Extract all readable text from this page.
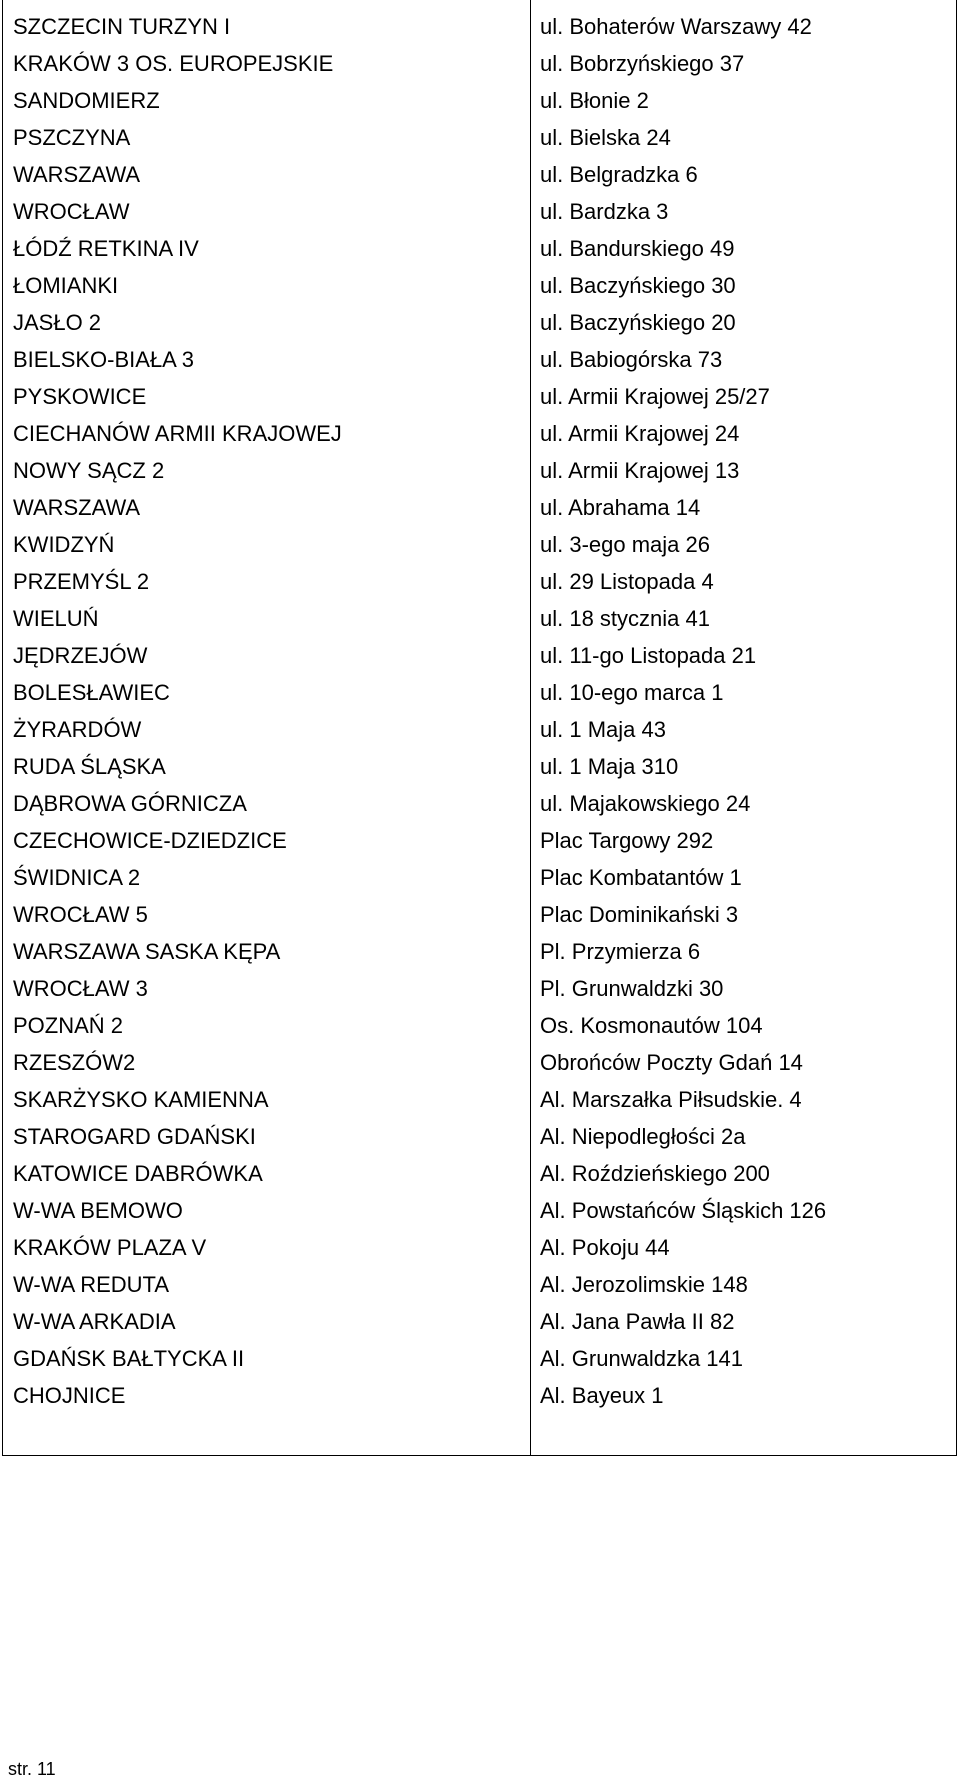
SZCZECIN TURZYN I	ul. Bohaterów Warszawy 42
KRAKÓW 3 OS. EUROPEJSKIE	ul. Bobrzyńskiego 37
SANDOMIERZ	ul. Błonie 2
PSZCZYNA	ul. Bielska 24
WARSZAWA	ul. Belgradzka 6
WROCŁAW	ul. Bardzka 3
ŁÓDŹ RETKINA IV	ul. Bandurskiego 49
ŁOMIANKI	ul. Baczyńskiego 30
JASŁO 2	ul. Baczyńskiego 20
BIELSKO-BIAŁA 3	ul. Babiogórska 73
PYSKOWICE	ul. Armii Krajowej 25/27
CIECHANÓW ARMII KRAJOWEJ	ul. Armii Krajowej 24
NOWY SĄCZ 2	ul. Armii Krajowej 13
WARSZAWA	ul. Abrahama 14
KWIDZYŃ	ul. 3-ego maja 26
PRZEMYŚL 2	ul. 29 Listopada 4
WIELUŃ	ul. 18 stycznia 41
JĘDRZEJÓW	ul. 11-go Listopada 21
BOLESŁAWIEC	ul. 10-ego marca 1
ŻYRARDÓW	ul. 1 Maja 43
RUDA ŚLĄSKA	ul. 1 Maja 310
DĄBROWA GÓRNICZA	ul. Majakowskiego 24
CZECHOWICE-DZIEDZICE	Plac Targowy 292
ŚWIDNICA 2	Plac Kombatantów 1
WROCŁAW 5	Plac Dominikański 3
WARSZAWA SASKA KĘPA	Pl. Przymierza 6
WROCŁAW 3	Pl. Grunwaldzki 30
POZNAŃ 2	Os. Kosmonautów 104
RZESZÓW2	Obrońców Poczty Gdań 14
SKARŻYSKO KAMIENNA	Al. Marszałka Piłsudskie. 4
STAROGARD GDAŃSKI	Al. Niepodległości 2a
KATOWICE DABRÓWKA	Al. Roździeńskiego 200
W-WA BEMOWO	Al. Powstańców Śląskich 126
KRAKÓW PLAZA V	Al. Pokoju 44
W-WA REDUTA	Al. Jerozolimskie 148
W-WA ARKADIA	Al. Jana Pawła II 82
GDAŃSK BAŁTYCKA II	Al. Grunwaldzka 141
CHOJNICE	Al. Bayeux 1
str. 11
